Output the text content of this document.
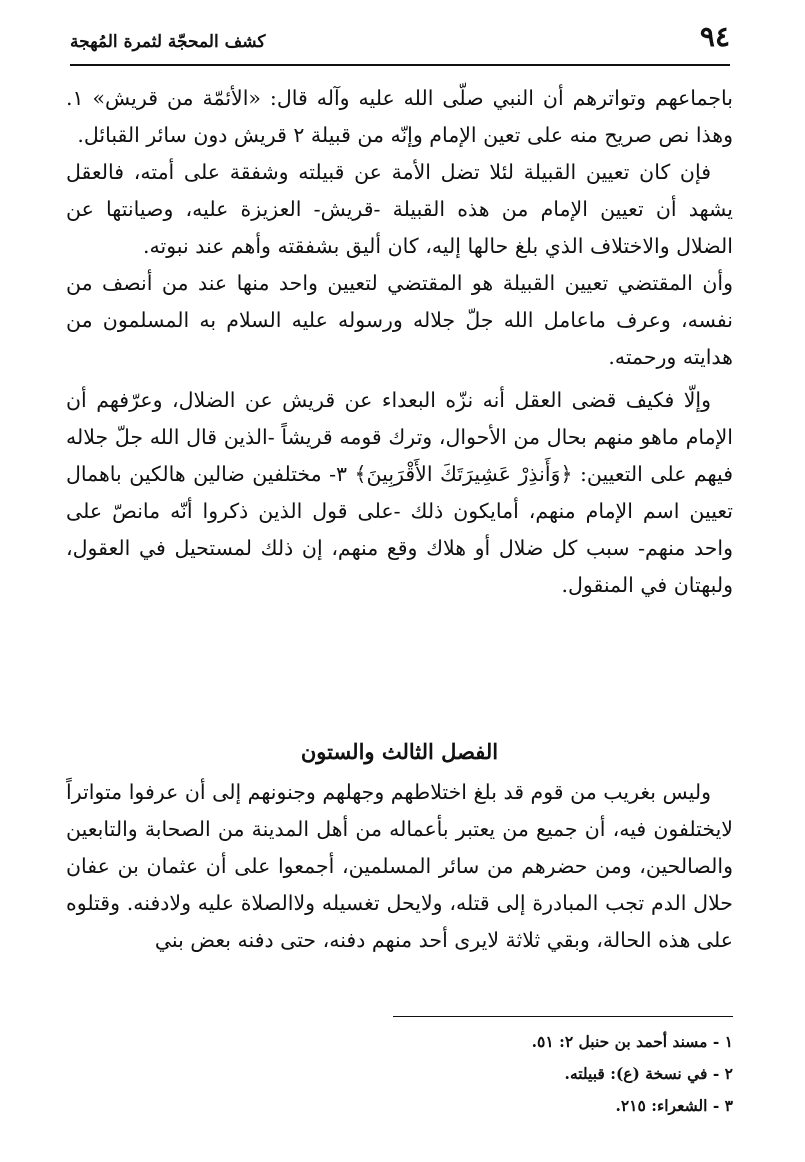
٩٤
كشف المحجّة لثمرة المُهجة

باجماعهم وتواترهم أن النبي صلّى الله عليه وآله قال: «الأئمّة من قريش» ١. وهذا نص صريح منه على تعين الإمام وإنّه من قبيلة ٢ قريش دون سائر القبائل.

فإن كان تعيين القبيلة لئلا تضل الأمة عن قبيلته وشفقة على أمته، فالعقل يشهد أن تعيين الإمام من هذه القبيلة -قريش- العزيزة عليه، وصيانتها عن الضلال والاختلاف الذي بلغ حالها إليه، كان أليق بشفقته وأهم عند نبوته.

وأن المقتضي تعيين القبيلة هو المقتضي لتعيين واحد منها عند من أنصف من نفسه، وعرف ماعامل الله جلّ جلاله ورسوله عليه السلام به المسلمون من هدايته ورحمته.

وإلّا فكيف قضى العقل أنه نزّه البعداء عن قريش عن الضلال، وعرّفهم أن الإمام ماهو منهم بحال من الأحوال، وترك قومه قريشاً -الذين قال الله جلّ جلاله فيهم على التعيين: ﴿وَأَنذِرْ عَشِيرَتَكَ الأَقْرَبِينَ﴾ ٣- مختلفين ضالين هالكين باهمال تعيين اسم الإمام منهم، أمايكون ذلك -على قول الذين ذكروا أنّه مانصّ على واحد منهم- سبب كل ضلال أو هلاك وقع منهم، إن ذلك لمستحيل في العقول، ولبهتان في المنقول.

الفصل الثالث والستون

وليس بغريب من قوم قد بلغ اختلاطهم وجهلهم وجنونهم إلى أن عرفوا متواتراً لايختلفون فيه، أن جميع من يعتبر بأعماله من أهل المدينة من الصحابة والتابعين والصالحين، ومن حضرهم من سائر المسلمين، أجمعوا على أن عثمان بن عفان حلال الدم تجب المبادرة إلى قتله، ولايحل تغسيله ولاالصلاة عليه ولادفنه. وقتلوه على هذه الحالة، وبقي ثلاثة لايرى أحد منهم دفنه، حتى دفنه بعض بني

١ - مسند أحمد بن حنبل ٢: ٥١.
٢ - في نسخة (ع): قبيلته.
٣ - الشعراء: ٢١٥.
